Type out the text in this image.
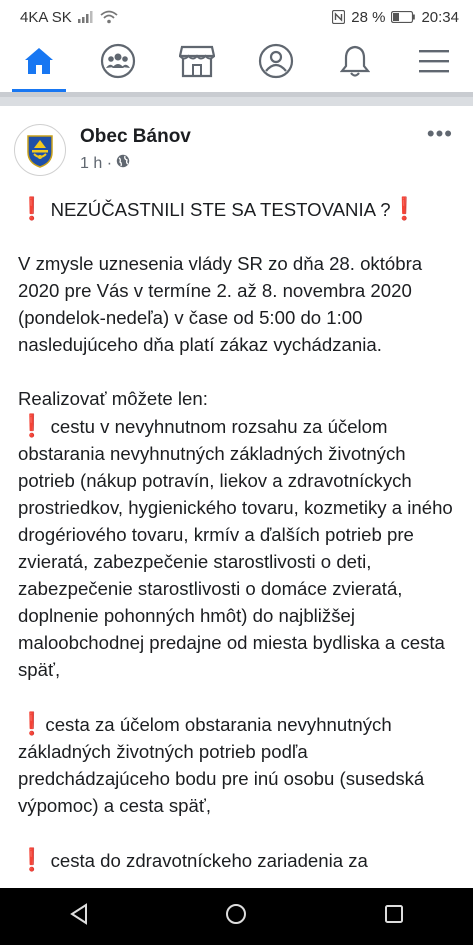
4KA SK	28 % 20:34
Obec Bánov
1 h ·
•••

❗ NEZÚČASTNILI STE SA TESTOVANIA ?❗

V zmysle uznesenia vlády SR zo dňa 28. októbra 2020 pre Vás v termíne 2. až 8. novembra 2020 (pondelok-nedeľa) v čase od 5:00 do 1:00 nasledujúceho dňa platí zákaz vychádzania.

Realizovať môžete len:

❗ cestu v nevyhnutnom rozsahu za účelom obstarania nevyhnutných základných životných potrieb (nákup potravín, liekov a zdravotníckych prostriedkov, hygienického tovaru, kozmetiky a iného drogériového tovaru, krmív a ďalších potrieb pre zvieratá, zabezpečenie starostlivosti o deti, zabezpečenie starostlivosti o domáce zvieratá, doplnenie pohonných hmôt) do najbližšej maloobchodnej predajne od miesta bydliska a cesta späť,

❗cesta za účelom obstarania nevyhnutných základných životných potrieb podľa predchádzajúceho bodu pre inú osobu (susedská výpomoc) a cesta späť,

❗ cesta do zdravotníckeho zariadenia za
